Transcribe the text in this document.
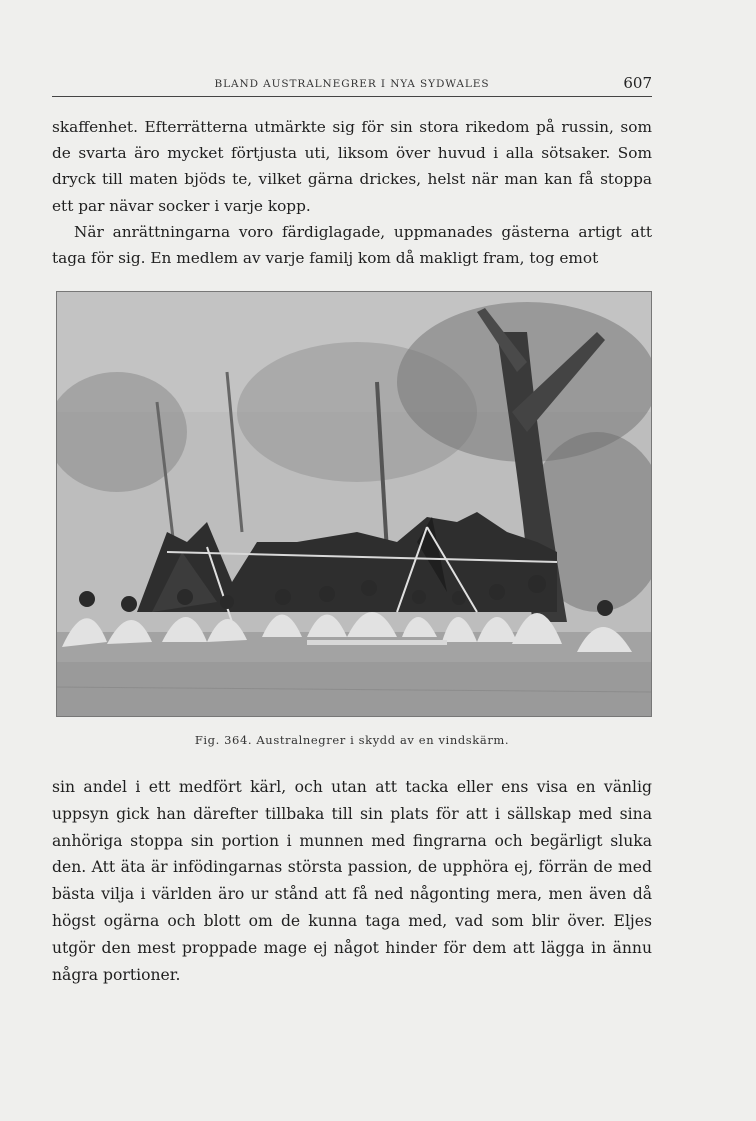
BLAND AUSTRALNEGRER I NYA SYDWALES	607

skaffenhet. Efterrätterna utmärkte sig för sin stora rikedom på russin, som de svarta äro mycket förtjusta uti, liksom över huvud i alla sötsaker. Som dryck till maten bjöds te, vilket gärna drickes, helst när man kan få stoppa ett par nävar socker i varje kopp.

När anrättningarna voro färdiglagade, uppmanades gästerna artigt att taga för sig. En medlem av varje familj kom då makligt fram, tog emot

Fig. 364. Australnegrer i skydd av en vindskärm.

sin andel i ett medfört kärl, och utan att tacka eller ens visa en vänlig uppsyn gick han därefter tillbaka till sin plats för att i sällskap med sina anhöriga stoppa sin portion i munnen med fingrarna och begärligt sluka den. Att äta är infödingarnas största passion, de upphöra ej, förrän de med bästa vilja i världen äro ur stånd att få ned någonting mera, men även då högst ogärna och blott om de kunna taga med, vad som blir över. Eljes utgör den mest proppade mage ej något hinder för dem att lägga in ännu några portioner.
